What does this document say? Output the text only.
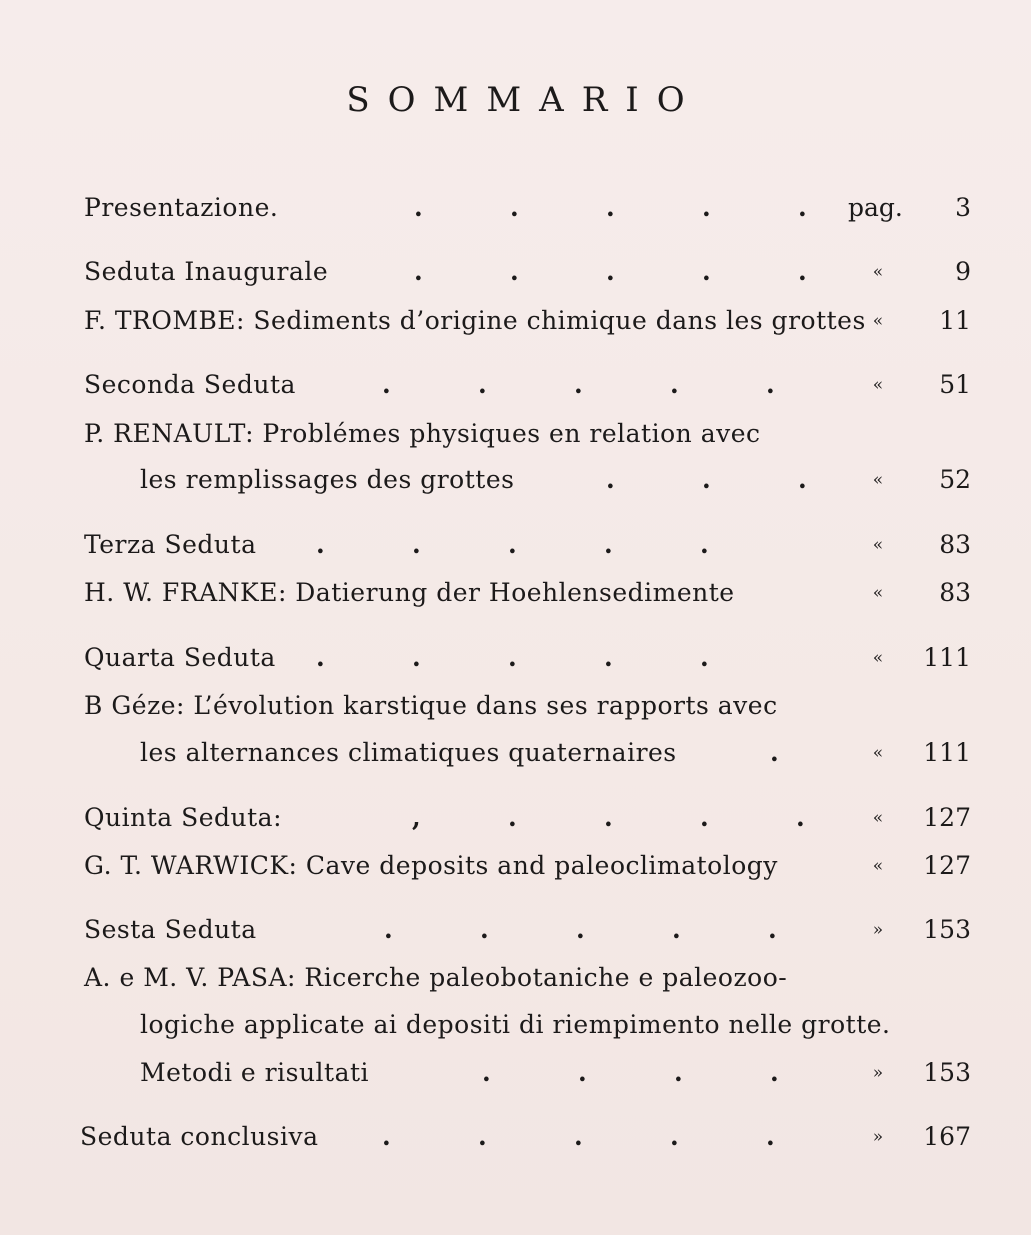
SOMMARIO
Presentazione.	.	.	.	.	.	pag.	3
Seduta Inaugurale	.	.	.	.	.	«	9
F. TROMBE: Sediments d’origine chimique dans les grottes «	11
Seconda Seduta	.	.	.	.	.	«	51
P. RENAULT: Problémes physiques en relation avec
les remplissages des grottes	.	.	.	«	52
Terza Seduta .	.	.	.	.	«	83
H. W. FRANKE: Datierung der Hoehlensedimente	«	83
Quarta Seduta .	.	.	.	.	«	111
B Géze: L’évolution karstique dans ses rapports avec
les alternances climatiques quaternaires	.	«	111
Quinta Seduta:	,	.	.	.	.	«	127
G. T. WARWICK: Cave deposits and paleoclimatology	«	127
Sesta Seduta	.	.	.	.	.	»	153
A. e M. V. PASA: Ricerche paleobotaniche e paleozoo-
logiche applicate ai depositi di riempimento nelle grotte.
Metodi e risultati	.	.	.	.	»	153
Seduta conclusiva	.	.	.	.	.	»	167
